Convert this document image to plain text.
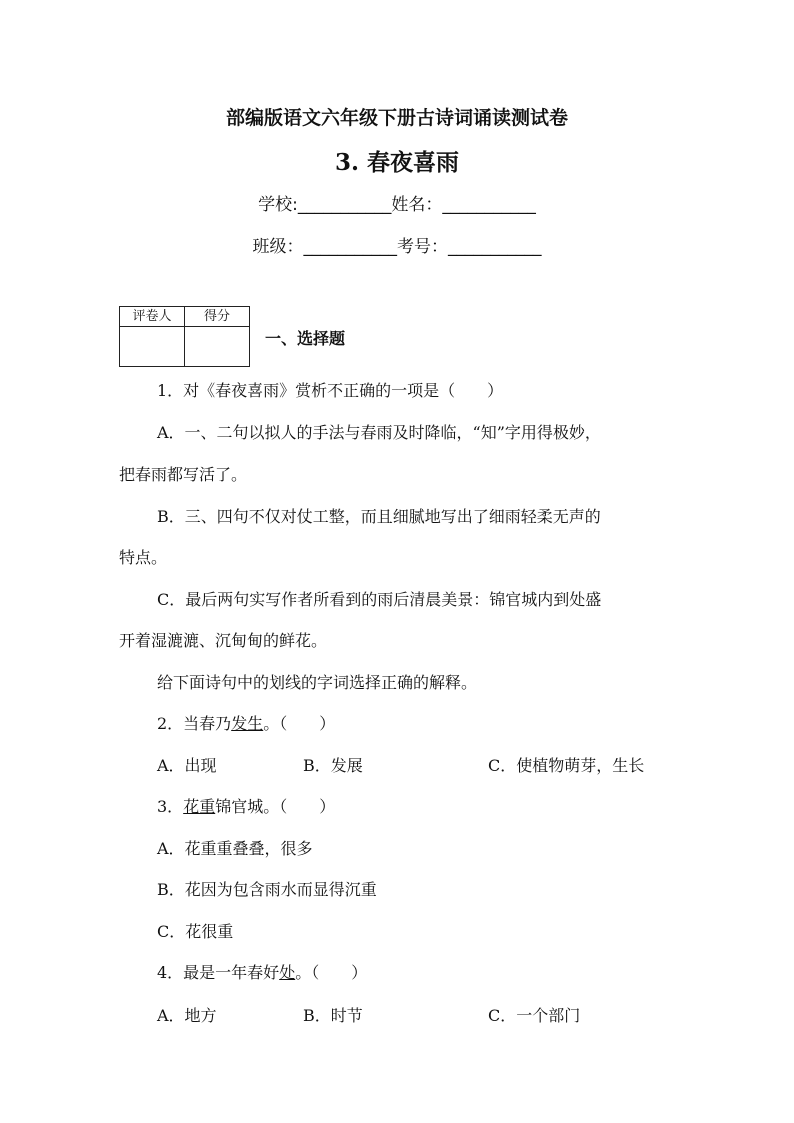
部编版语文六年级下册古诗词诵读测试卷
3. 春夜喜雨
学校:___________姓名：___________
班级：___________考号：___________
评卷人	得分

一、选择题
1．对《春夜喜雨》赏析不正确的一项是（　　）
A．一、二句以拟人的手法与春雨及时降临，“知”字用得极妙，
把春雨都写活了。
B．三、四句不仅对仗工整，而且细腻地写出了细雨轻柔无声的
特点。
C．最后两句实写作者所看到的雨后清晨美景：锦官城内到处盛
开着湿漉漉、沉甸甸的鲜花。
给下面诗句中的划线的字词选择正确的解释。
2．当春乃发生。（　　）
A．出现	B．发展	C．使植物萌芽，生长
3．花重锦官城。（　　）
A．花重重叠叠，很多
B．花因为包含雨水而显得沉重
C．花很重
4．最是一年春好处。（　　）
A．地方	B．时节	C．一个部门
